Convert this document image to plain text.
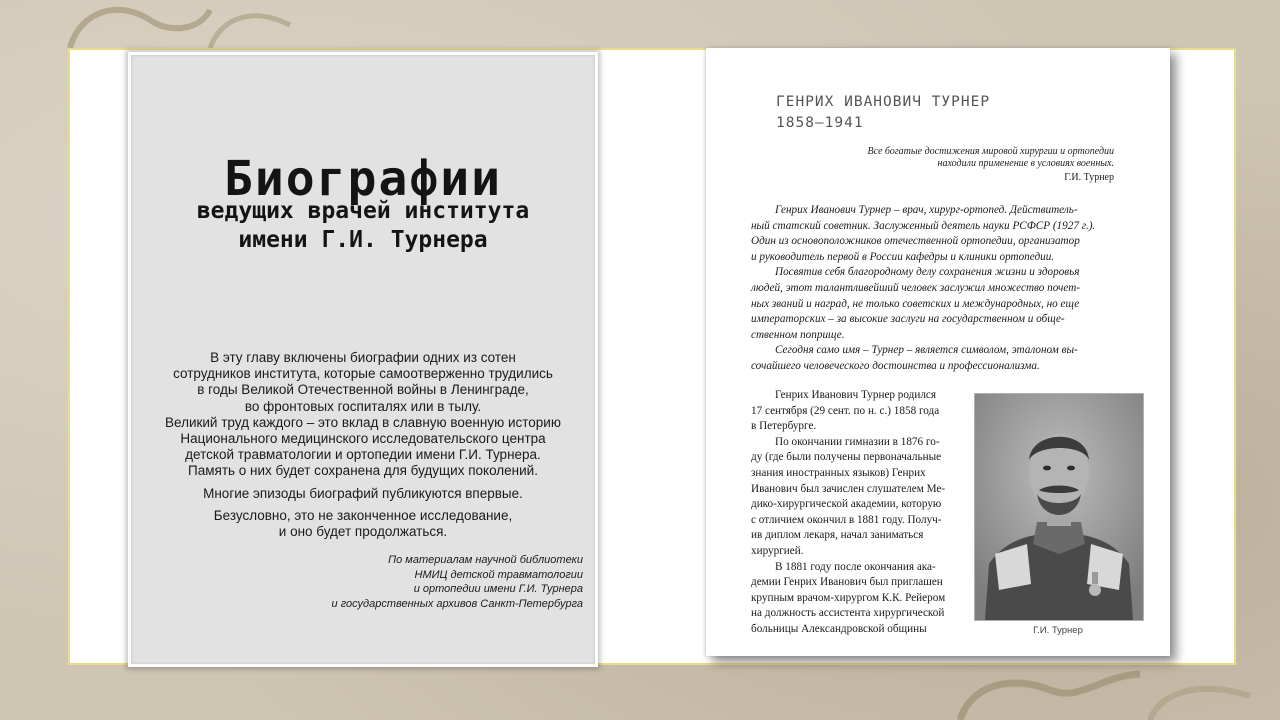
Биографии
ведущих врачей института
имени Г.И. Турнера
В эту главу включены биографии одних из сотен
сотрудников института, которые самоотверженно трудились
в годы Великой Отечественной войны в Ленинграде,
во фронтовых госпиталях или в тылу.
Великий труд каждого – это вклад в славную военную историю
Национального медицинского исследовательского центра
детской травматологии и ортопедии имени Г.И. Турнера.
Память о них будет сохранена для будущих поколений.
Многие эпизоды биографий публикуются впервые.
Безусловно, это не законченное исследование,
и оно будет продолжаться.
По материалам научной библиотеки
НМИЦ детской травматологии
и ортопедии имени Г.И. Турнера
и государственных архивов Санкт-Петербурга
ГЕНРИХ ИВАНОВИЧ ТУРНЕР
1858–1941
Все богатые достижения мировой хирургии и ортопедии
находили применение в условиях военных.
Г.И. Турнер
Генрих Иванович Турнер – врач, хирург-ортопед. Действитель-
ный статский советник. Заслуженный деятель науки РСФСР (1927 г.).
Один из основоположников отечественной ортопедии, организатор
и руководитель первой в России кафедры и клиники ортопедии.
Посвятив себя благородному делу сохранения жизни и здоровья
людей, этот талантливейший человек заслужил множество почет-
ных званий и наград, не только советских и международных, но еще
императорских – за высокие заслуги на государственном и обще-
ственном поприще.
Сегодня само имя – Турнер – является символом, эталоном вы-
сочайшего человеческого достоинства и профессионализма.
Генрих Иванович Турнер родился
17 сентября (29 сент. по н. с.) 1858 года
в Петербурге.
По окончании гимназии в 1876 го-
ду (где были получены первоначальные
знания иностранных языков) Генрих
Иванович был зачислен слушателем Ме-
дико-хирургической академии, которую
с отличием окончил в 1881 году. Получ-
ив диплом лекаря, начал заниматься
хирургией.
В 1881 году после окончания ака-
демии Генрих Иванович был приглашен
крупным врачом-хирургом К.К. Рейером
на должность ассистента хирургической
больницы Александровской общины	Г.И. Турнер
